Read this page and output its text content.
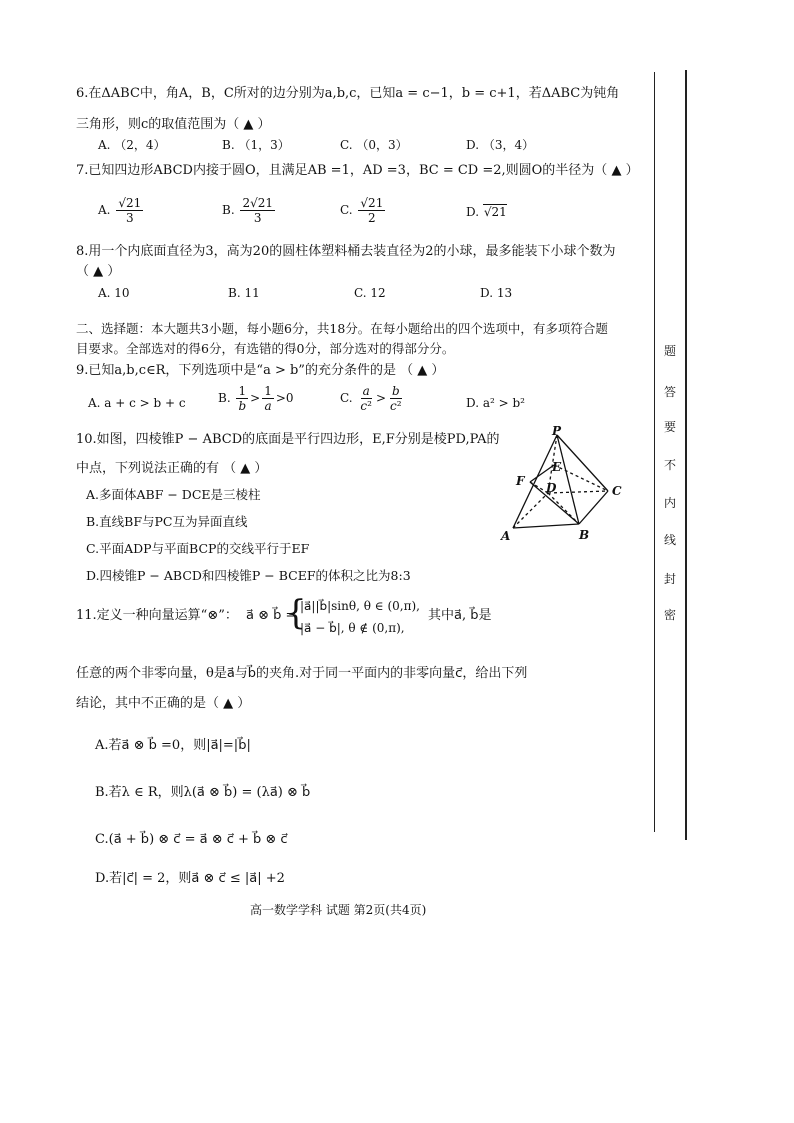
6.在ΔABC中，角A，B，C所对的边分别为a,b,c，已知a = c−1，b = c+1，若ΔABC为钝角
三角形，则c的取值范围为（ ▲ ）
A. （2，4）	B. （1，3）	C. （0，3）	D. （3，4）
7.已知四边形ABCD内接于圆O，且满足AB =1，AD =3，BC = CD =2,则圆O的半径为（ ▲ ）
A. $\frac{√21}{3}$	B. $\frac{2√21}{3}$	C. $\frac{√21}{2}$	D. √21
8.用一个内底面直径为3，高为20的圆柱体塑料桶去装直径为2的小球，最多能装下小球个数为
（ ▲ ）
A. 10	B. 11	C. 12	D. 13
二、选择题：本大题共3小题，每小题6分，共18分。在每小题给出的四个选项中，有多项符合题
目要求。全部选对的得6分，有选错的得0分，部分选对的得部分分。
9.已知a,b,c∈R，下列选项中是“a > b”的充分条件的是 （ ▲ ）
A. a + c > b + c	B. $\frac{1}{b} > \frac{1}{a} >0$	C. $\frac{a}{\text{c²}} > \frac{b}{\text{c²}}$	D. a² > b²
10.如图，四棱锥P − ABCD的底面是平行四边形，E,F分别是棱PD,PA的
中点，下列说法正确的有 （ ▲ ）
A.多面体ABF − DCE是三棱柱
B.直线BF与PC互为异面直线
C.平面ADP与平面BCP的交线平行于EF
D.四棱锥P − ABCD和四棱锥P − BCEF的体积之比为8:3
P
E
F D	C
A	B
11.定义一种向量运算“⊗”： a⃗ ⊗ b⃗ =
{
|a⃗||b⃗|sinθ, θ ∈ (0,π),
|a⃗ − b⃗|, θ ∉ (0,π),
其中a⃗, b⃗是
任意的两个非零向量，θ是a⃗与b⃗的夹角.对于同一平面内的非零向量c⃗，给出下列
结论，其中不正确的是（ ▲ ）
A.若a⃗ ⊗ b⃗ =0，则|a⃗|=|b⃗|
B.若λ ∈ R，则λ(a⃗ ⊗ b⃗) = (λa⃗) ⊗ b⃗
C.(a⃗ + b⃗) ⊗ c⃗ = a⃗ ⊗ c⃗ + b⃗ ⊗ c⃗
D.若|c⃗| = 2，则a⃗ ⊗ c⃗ ≤ |a⃗| +2
题
答
要
不
内
线
封
密
高一数学学科 试题 第2页(共4页)
